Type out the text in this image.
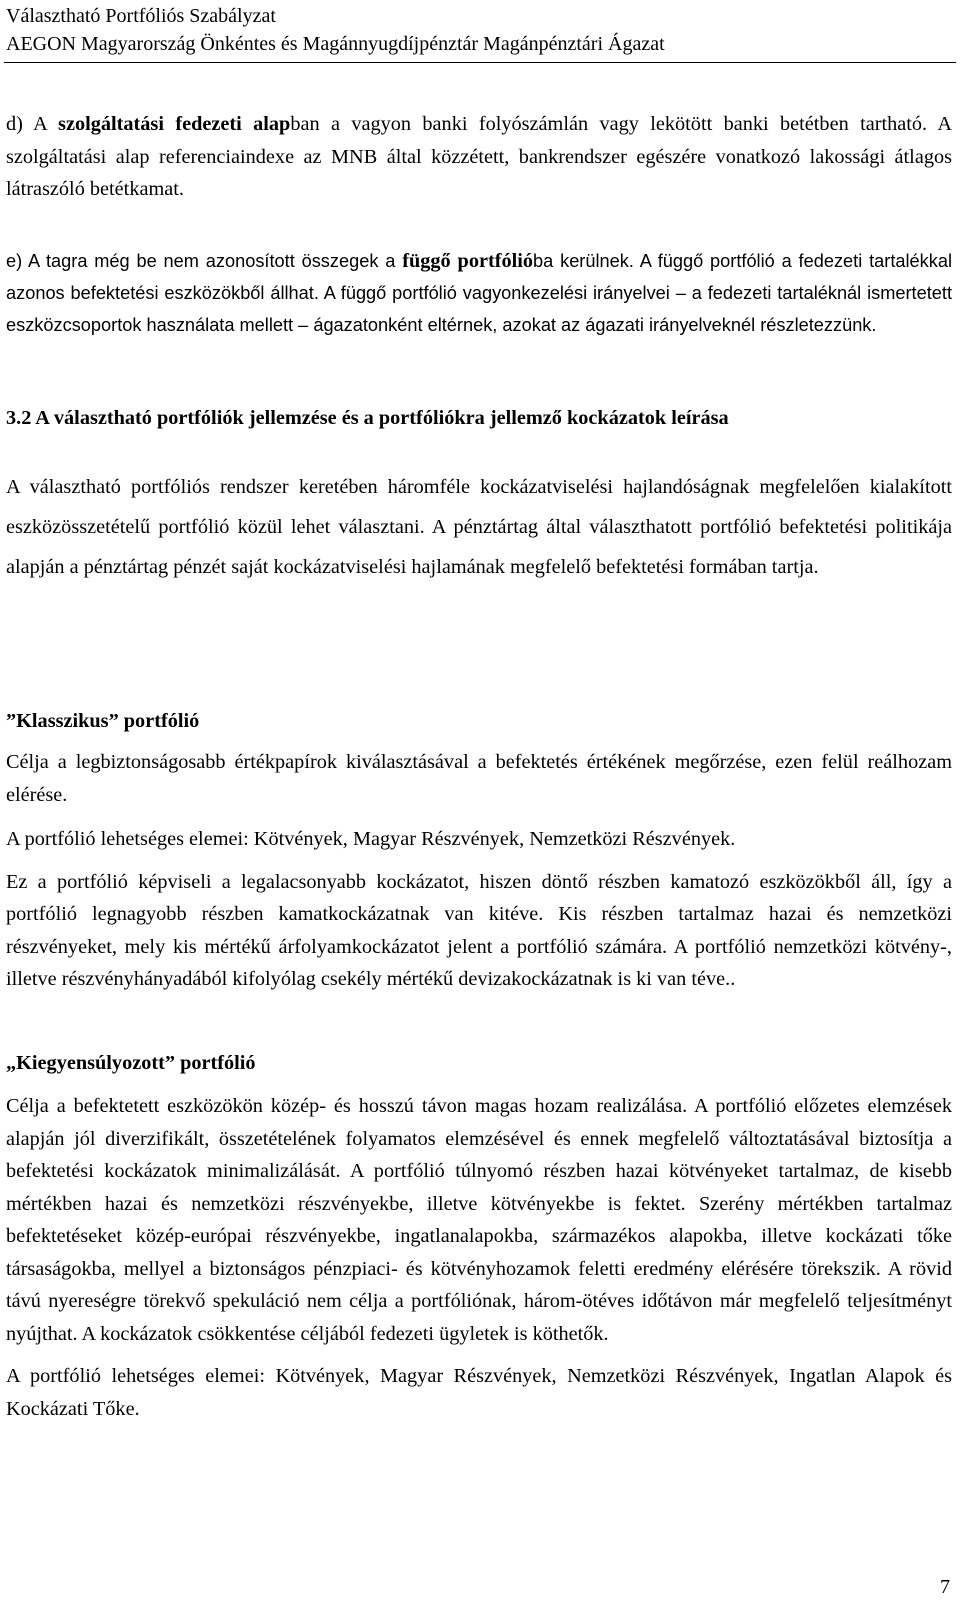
Választható Portfóliós Szabályzat
AEGON Magyarország Önkéntes és Magánnyugdíjpénztár Magánpénztári Ágazat

d) A szolgáltatási fedezeti alapban a vagyon banki folyószámlán vagy lekötött banki betétben tartható. A szolgáltatási alap referenciaindexe az MNB által közzétett, bankrendszer egészére vonatkozó lakossági átlagos látraszóló betétkamat.

e) A tagra még be nem azonosított összegek a függő portfólióba kerülnek. A függő portfólió a fedezeti tartalékkal azonos befektetési eszközökből állhat. A függő portfólió vagyonkezelési irányelvei – a fedezeti tartaléknál ismertetett eszközcsoportok használata mellett – ágazatonként eltérnek, azokat az ágazati irányelveknél részletezzünk.

3.2 A választható portfóliók jellemzése és a portfóliókra jellemző kockázatok leírása

A választható portfóliós rendszer keretében háromféle kockázatviselési hajlandóságnak megfelelően kialakított eszközösszetételű portfólió közül lehet választani. A pénztártag által választhatott portfólió befektetési politikája alapján a pénztártag pénzét saját kockázatviselési hajlamának megfelelő befektetési formában tartja.

”Klasszikus” portfólió

Célja a legbiztonságosabb értékpapírok kiválasztásával a befektetés értékének megőrzése, ezen felül reálhozam elérése.

A portfólió lehetséges elemei: Kötvények, Magyar Részvények, Nemzetközi Részvények.

Ez a portfólió képviseli a legalacsonyabb kockázatot, hiszen döntő részben kamatozó eszközökből áll, így a portfólió legnagyobb részben kamatkockázatnak van kitéve. Kis részben tartalmaz hazai és nemzetközi részvényeket, mely kis mértékű árfolyamkockázatot jelent a portfólió számára. A portfólió nemzetközi kötvény-, illetve részvényhányadából kifolyólag csekély mértékű devizakockázatnak is ki van téve..

„Kiegyensúlyozott” portfólió

Célja a befektetett eszközökön közép- és hosszú távon magas hozam realizálása. A portfólió előzetes elemzések alapján jól diverzifikált, összetételének folyamatos elemzésével és ennek megfelelő változtatásával biztosítja a befektetési kockázatok minimalizálását. A portfólió túlnyomó részben hazai kötvényeket tartalmaz, de kisebb mértékben hazai és nemzetközi részvényekbe, illetve kötvényekbe is fektet. Szerény mértékben tartalmaz befektetéseket közép-európai részvényekbe, ingatlanalapokba, származékos alapokba, illetve kockázati tőke társaságokba, mellyel a biztonságos pénzpiaci- és kötvényhozamok feletti eredmény elérésére törekszik. A rövid távú nyereségre törekvő spekuláció nem célja a portfóliónak, három-ötéves időtávon már megfelelő teljesítményt nyújthat. A kockázatok csökkentése céljából fedezeti ügyletek is köthetők.

A portfólió lehetséges elemei: Kötvények, Magyar Részvények, Nemzetközi Részvények, Ingatlan Alapok és Kockázati Tőke.

7
